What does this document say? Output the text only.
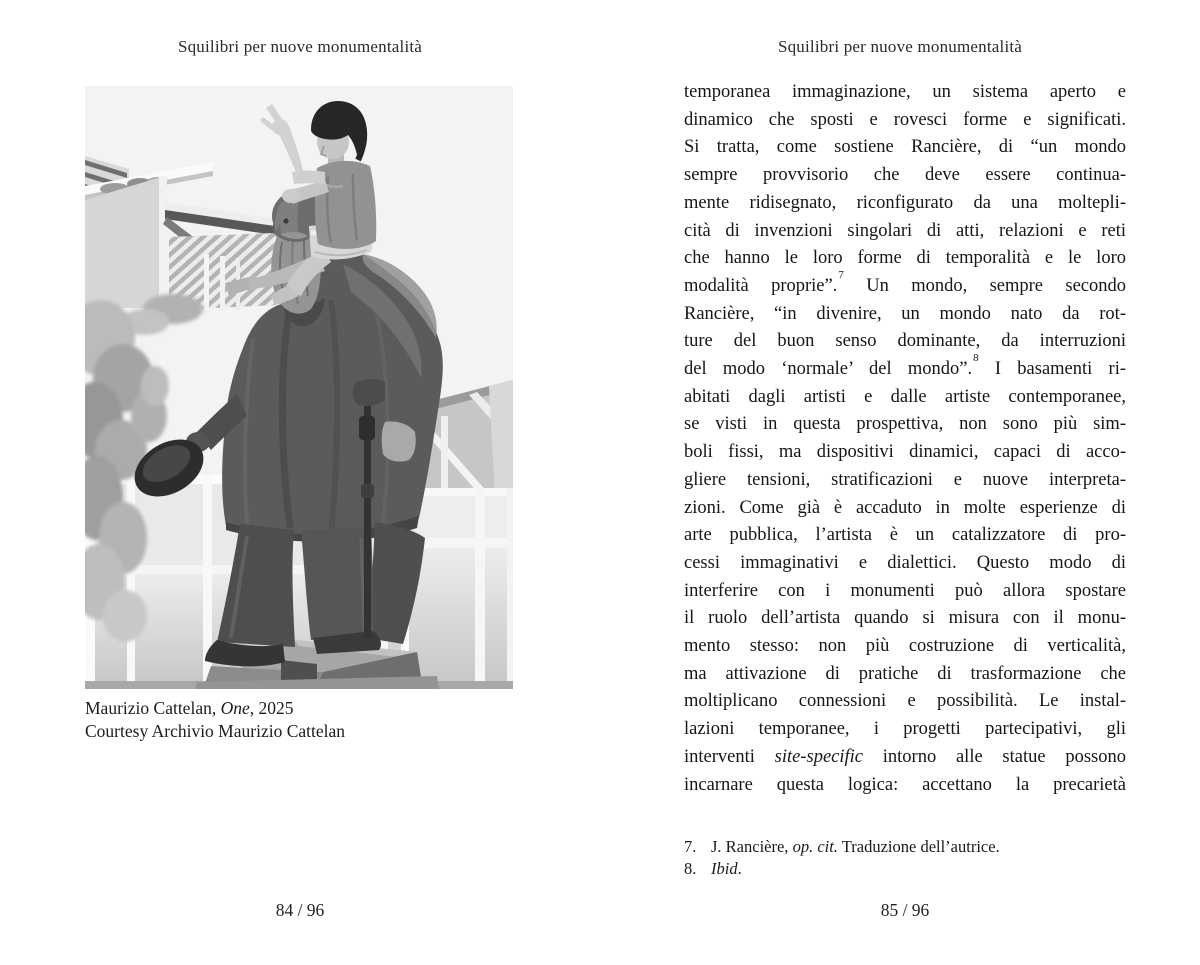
Squilibri per nuove monumentalità
Maurizio Cattelan, One, 2025
Courtesy Archivio Maurizio Cattelan
84 / 96
Squilibri per nuove monumentalità
temporanea immaginazione, un sistema aperto e
dinamico che sposti e rovesci forme e significati.
Si tratta, come sostiene Rancière, di “un mondo
sempre provvisorio che deve essere continua-
mente ridisegnato, riconfigurato da una moltepli-
cità di invenzioni singolari di atti, relazioni e reti
che hanno le loro forme di temporalità e le loro
modalità proprie”.$^7$ Un mondo, sempre secondo
Rancière, “in divenire, un mondo nato da rot-
ture del buon senso dominante, da interruzioni
del modo ‘normale’ del mondo”.$^8$ I basamenti ri-
abitati dagli artisti e dalle artiste contemporanee,
se visti in questa prospettiva, non sono più sim-
boli fissi, ma dispositivi dinamici, capaci di acco-
gliere tensioni, stratificazioni e nuove interpreta-
zioni. Come già è accaduto in molte esperienze di
arte pubblica, l’artista è un catalizzatore di pro-
cessi immaginativi e dialettici. Questo modo di
interferire con i monumenti può allora spostare
il ruolo dell’artista quando si misura con il monu-
mento stesso: non più costruzione di verticalità,
ma attivazione di pratiche di trasformazione che
moltiplicano connessioni e possibilità. Le instal-
lazioni temporanee, i progetti partecipativi, gli
interventi site-specific intorno alle statue possono
incarnare questa logica: accettano la precarietà
7. J. Rancière, op. cit. Traduzione dell’autrice.
8. Ibid.
85 / 96
